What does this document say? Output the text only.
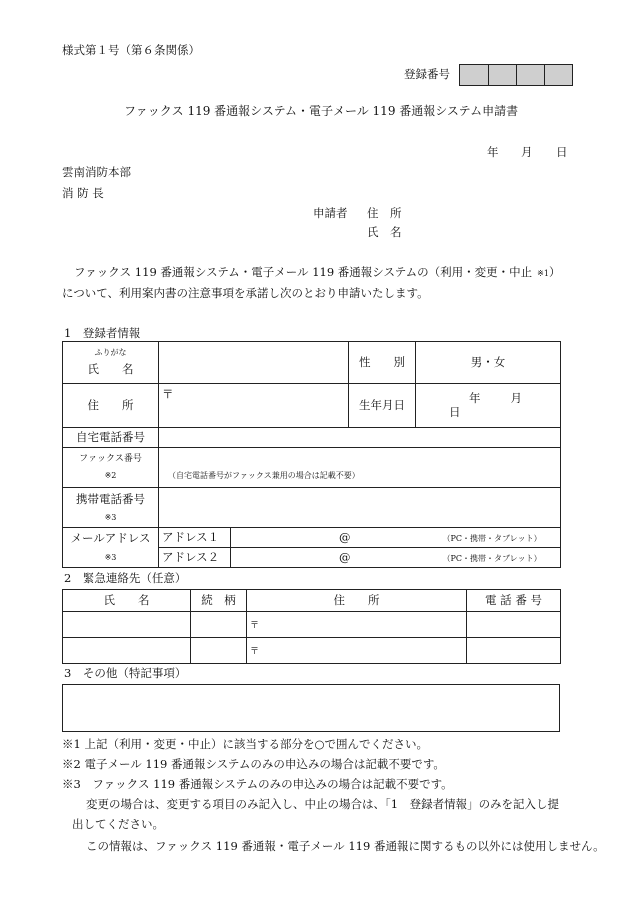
様式第１号（第６条関係）
登録番号
ファックス 119 番通報システム・電子メール 119 番通報システム申請書
年 月 日
雲南消防本部
消 防 長
申請者 住　所
氏　名
ファックス 119 番通報システム・電子メール 119 番通報システムの（利用・変更・中止 ※1）
について、利用案内書の注意事項を承諾し次のとおり申請いたします。
1　登録者情報
ふりがな
氏　　名			性　　別	男・女
住　　所	〒		生年月日	年 月日
自宅電話番号				

ファックス番号
※2	（自宅電話番号がファックス兼用の場合は記載不要）			

携帯電話番号
※3				

メールアドレス
※3	アドレス１	@ （PC・携帯・タブレット）		
	アドレス２	@ （PC・携帯・タブレット）		
2　緊急連絡先（任意）
氏　　名	続　柄	住　　所	電 話 番 号
		〒	
		〒	
3　その他（特記事項）
※1 上記（利用・変更・中止）に該当する部分を○で囲んでください。
※2 電子メール 119 番通報システムのみの申込みの場合は記載不要です。
※3　ファックス 119 番通報システムのみの申込みの場合は記載不要です。
変更の場合は、変更する項目のみ記入し、中止の場合は、「1　登録者情報」のみを記入し提
出してください。
この情報は、ファックス 119 番通報・電子メール 119 番通報に関するもの以外には使用しません。
